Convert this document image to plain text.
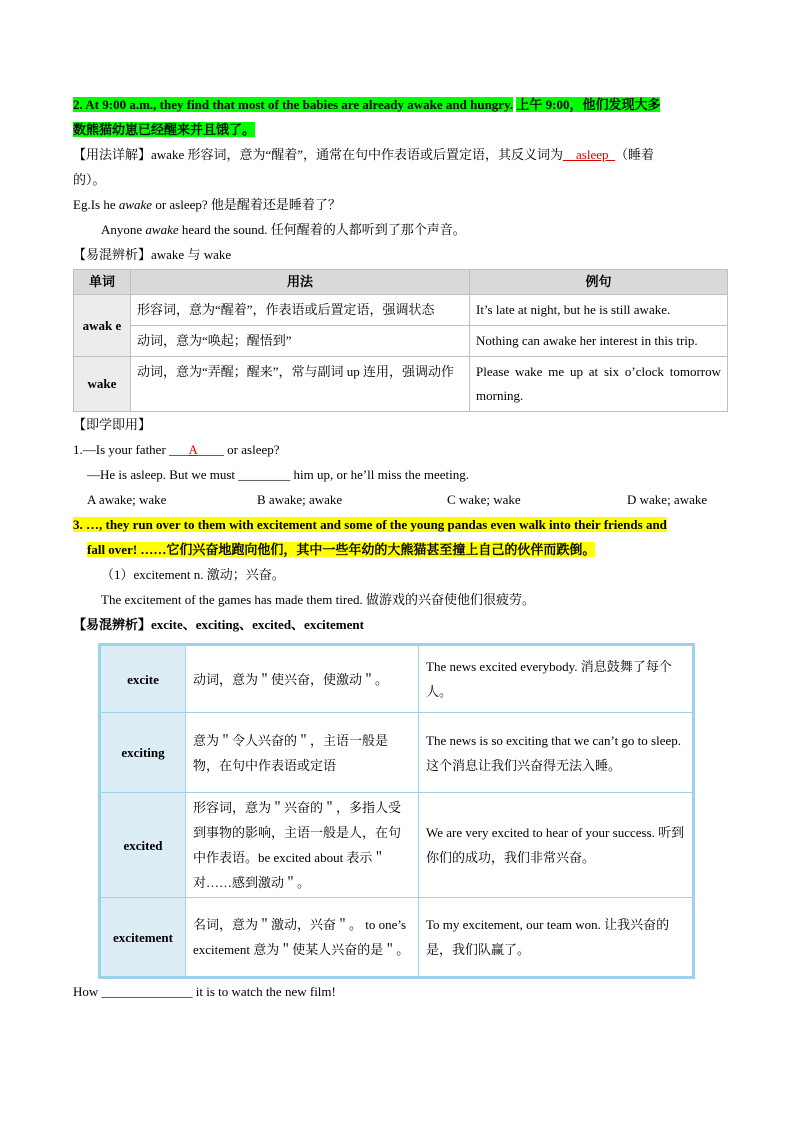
2. At 9:00 a.m., they find that most of the babies are already awake and hungry. 上午 9:00，他们发现大多
数熊猫幼崽已经醒来并且饿了。
【用法详解】awake 形容词，意为“醒着”，通常在句中作表语或后置定语，其反义词为__asleep_（睡着
的）。
Eg.Is he awake or asleep? 他是醒着还是睡着了？
Anyone awake heard the sound. 任何醒着的人都听到了那个声音。
【易混辨析】awake 与 wake
单词	用法	例句
awak e	形容词，意为“醒着”，作表语或后置定语，强调状态	It’s late at night, but he is still awake.
	动词，意为“唤起；醒悟到”	Nothing can awake her interest in this trip.
wake	动词，意为“弄醒；醒来”，常与副词 up 连用，强调动作	Please wake me up at six o’clock tomorrow morning.
【即学即用】
1.—Is your father ___A____ or asleep?
—He is asleep. But we must ________ him up, or he’ll miss the meeting.
A awake; wake	B awake; awake	C wake; wake	D wake; awake
3. …, they run over to them with excitement and some of the young pandas even walk into their friends and
fall over! ……它们兴奋地跑向他们，其中一些年幼的大熊猫甚至撞上自己的伙伴而跌倒。
（1）excitement n. 激动；兴奋。
The excitement of the games has made them tired. 做游戏的兴奋使他们很疲劳。
【易混辨析】excite、exciting、excited、excitement
excite	动词，意为＂使兴奋，使激动＂。	The news excited everybody. 消息鼓舞了每个人。
exciting	意为＂令人兴奋的＂，主语一般是物，在句中作表语或定语	The news is so exciting that we can’t go to sleep. 这个消息让我们兴奋得无法入睡。
excited	形容词，意为＂兴奋的＂，多指人受到事物的影响，主语一般是人，在句中作表语。be excited about 表示＂对……感到激动＂。	We are very excited to hear of your success. 听到你们的成功，我们非常兴奋。
excitement	名词，意为＂激动，兴奋＂。 to one’s excitement 意为＂使某人兴奋的是＂。	To my excitement, our team won. 让我兴奋的是，我们队赢了。
How ______________ it is to watch the new film!
